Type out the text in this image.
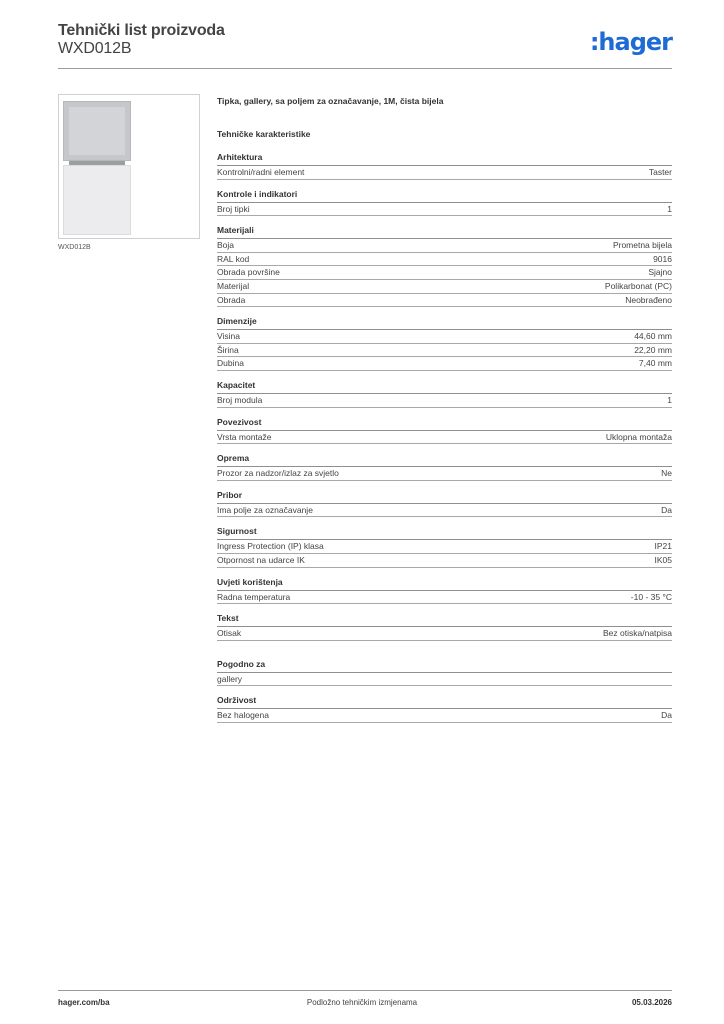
Tehnički list proizvoda
WXD012B	:hager
WXD012B
Tipka, gallery, sa poljem za označavanje, 1M, čista bijela
Tehničke karakteristike
Arhitektura
Kontrolni/radni element	Taster
Kontrole i indikatori
Broj tipki	1
Materijali
Boja	Prometna bijela
RAL kod	9016
Obrada površine	Sjajno
Materijal	Polikarbonat (PC)
Obrada	Neobrađeno
Dimenzije
Visina	44,60 mm
Širina	22,20 mm
Dubina	7,40 mm
Kapacitet
Broj modula	1
Povezivost
Vrsta montaže	Uklopna montaža
Oprema
Prozor za nadzor/izlaz za svjetlo	Ne
Pribor
Ima polje za označavanje	Da
Sigurnost
Ingress Protection (IP) klasa	IP21
Otpornost na udarce IK	IK05
Uvjeti korištenja
Radna temperatura	-10 - 35 °C
Tekst
Otisak	Bez otiska/natpisa
Pogodno za
gallery
Održivost
Bez halogena	Da
hager.com/ba	Podložno tehničkim izmjenama	05.03.2026
